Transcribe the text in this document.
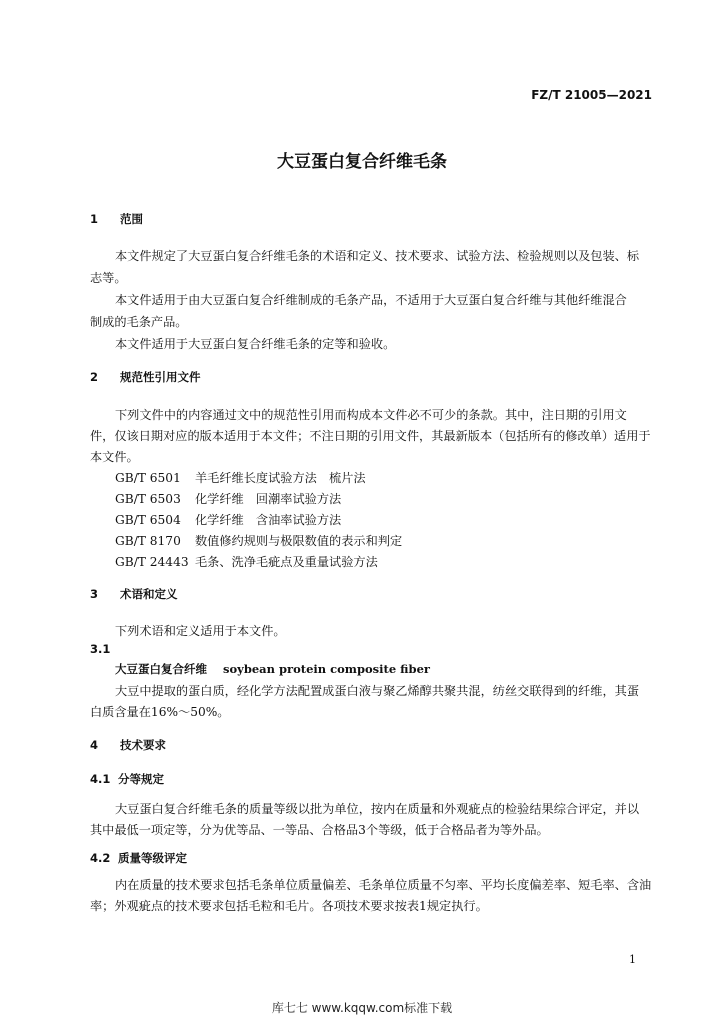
FZ/T 21005—2021
大豆蛋白复合纤维毛条
1 范围
本文件规定了大豆蛋白复合纤维毛条的术语和定义、技术要求、试验方法、检验规则以及包装、标
志等。
本文件适用于由大豆蛋白复合纤维制成的毛条产品，不适用于大豆蛋白复合纤维与其他纤维混合
制成的毛条产品。
本文件适用于大豆蛋白复合纤维毛条的定等和验收。
2 规范性引用文件
下列文件中的内容通过文中的规范性引用而构成本文件必不可少的条款。其中，注日期的引用文
件，仅该日期对应的版本适用于本文件；不注日期的引用文件，其最新版本（包括所有的修改单）适用于
本文件。
GB/T 6501 羊毛纤维长度试验方法　梳片法
GB/T 6503 化学纤维　回潮率试验方法
GB/T 6504 化学纤维　含油率试验方法
GB/T 8170 数值修约规则与极限数值的表示和判定
GB/T 24443 毛条、洗净毛疵点及重量试验方法
3 术语和定义
下列术语和定义适用于本文件。
3.1
大豆蛋白复合纤维 soybean protein composite fiber
大豆中提取的蛋白质，经化学方法配置成蛋白液与聚乙烯醇共聚共混，纺丝交联得到的纤维，其蛋
白质含量在16%～50%。
4 技术要求
4.1 分等规定
大豆蛋白复合纤维毛条的质量等级以批为单位，按内在质量和外观疵点的检验结果综合评定，并以
其中最低一项定等，分为优等品、一等品、合格品3个等级，低于合格品者为等外品。
4.2 质量等级评定
内在质量的技术要求包括毛条单位质量偏差、毛条单位质量不匀率、平均长度偏差率、短毛率、含油
率；外观疵点的技术要求包括毛粒和毛片。各项技术要求按表1规定执行。
1
库七七 www.kqqw.com标准下载
